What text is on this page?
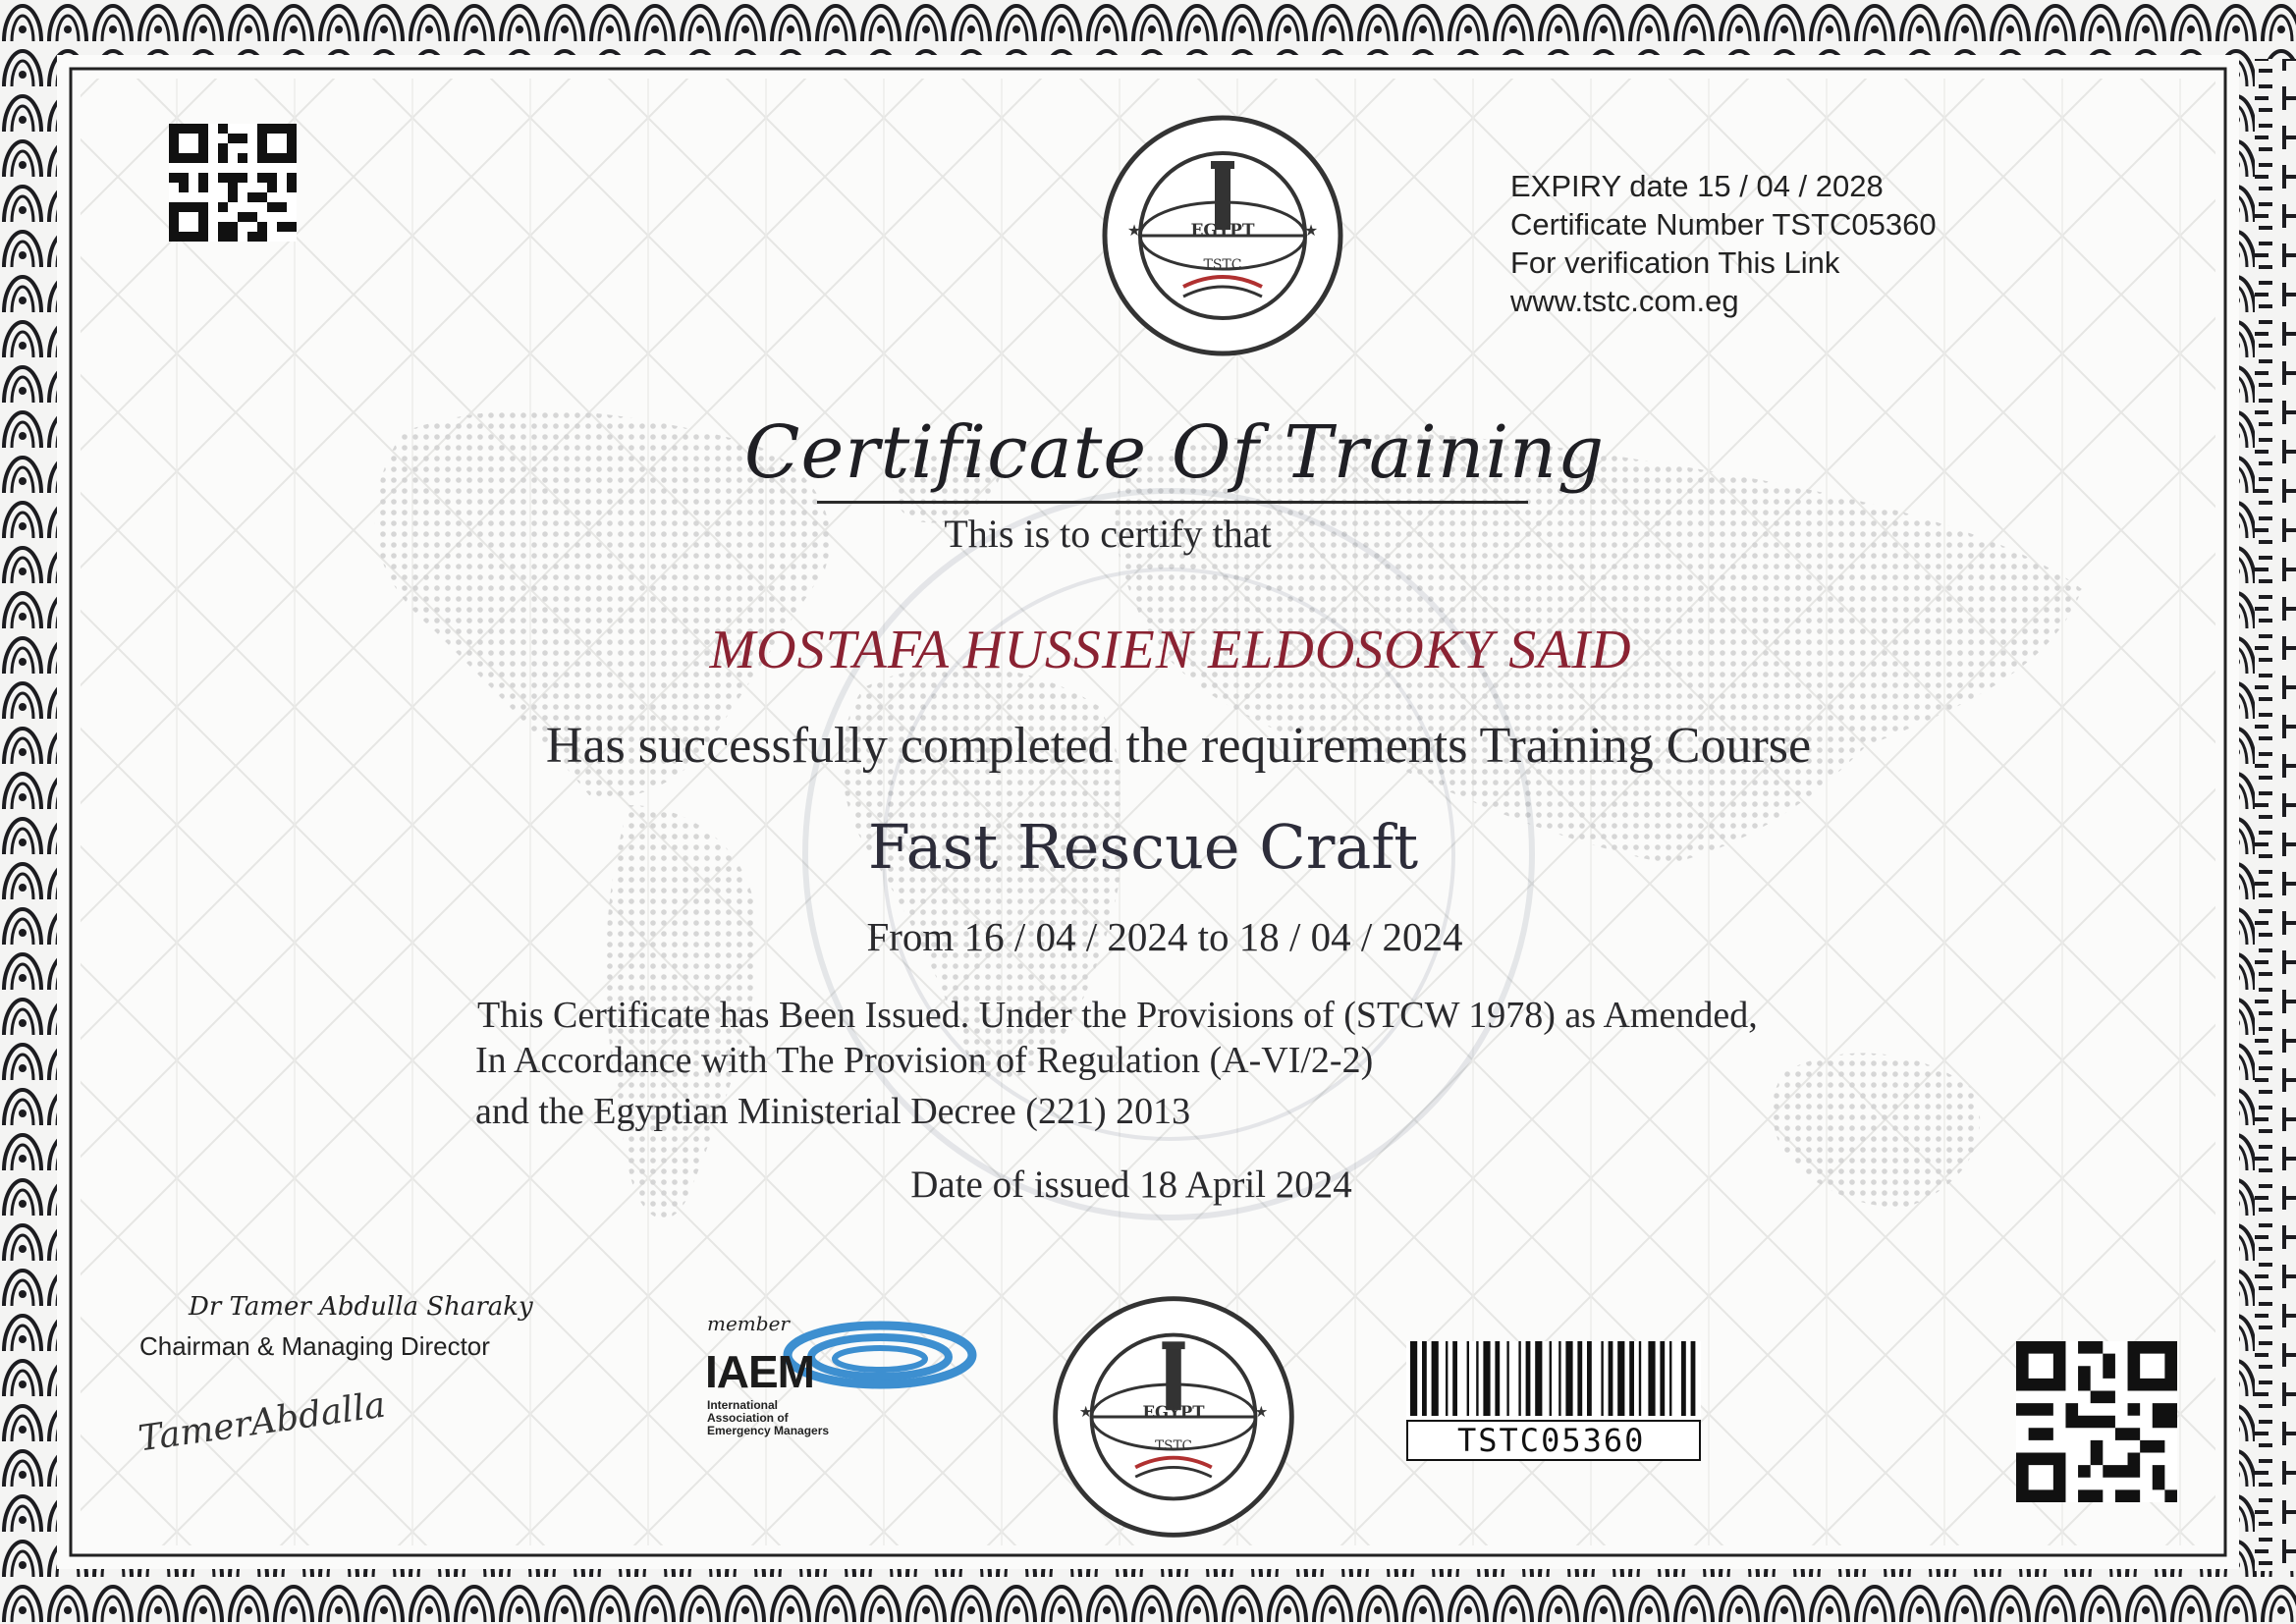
EGYPT
TSTC
★	★
EXPIRY date 15 / 04 / 2028
Certificate Number TSTC05360
For verification This Link
www.tstc.com.eg
Certificate Of Training
This is to certify that
MOSTAFA HUSSIEN ELDOSOKY SAID
Has successfully completed the requirements Training Course
Fast Rescue Craft
From 16 / 04 / 2024 to 18 / 04 / 2024
This Certificate has Been Issued. Under the Provisions of (STCW 1978) as Amended,
In Accordance with The Provision of Regulation (A-VI/2-2)
and the Egyptian Ministerial Decree (221) 2013
Date of issued 18 April 2024
Dr Tamer Abdulla Sharaky
Chairman & Managing Director
TamerAbdalla
member
IAEM
International
Association of
Emergency Managers
EGYPT
TSTC
★	★
TSTC05360
